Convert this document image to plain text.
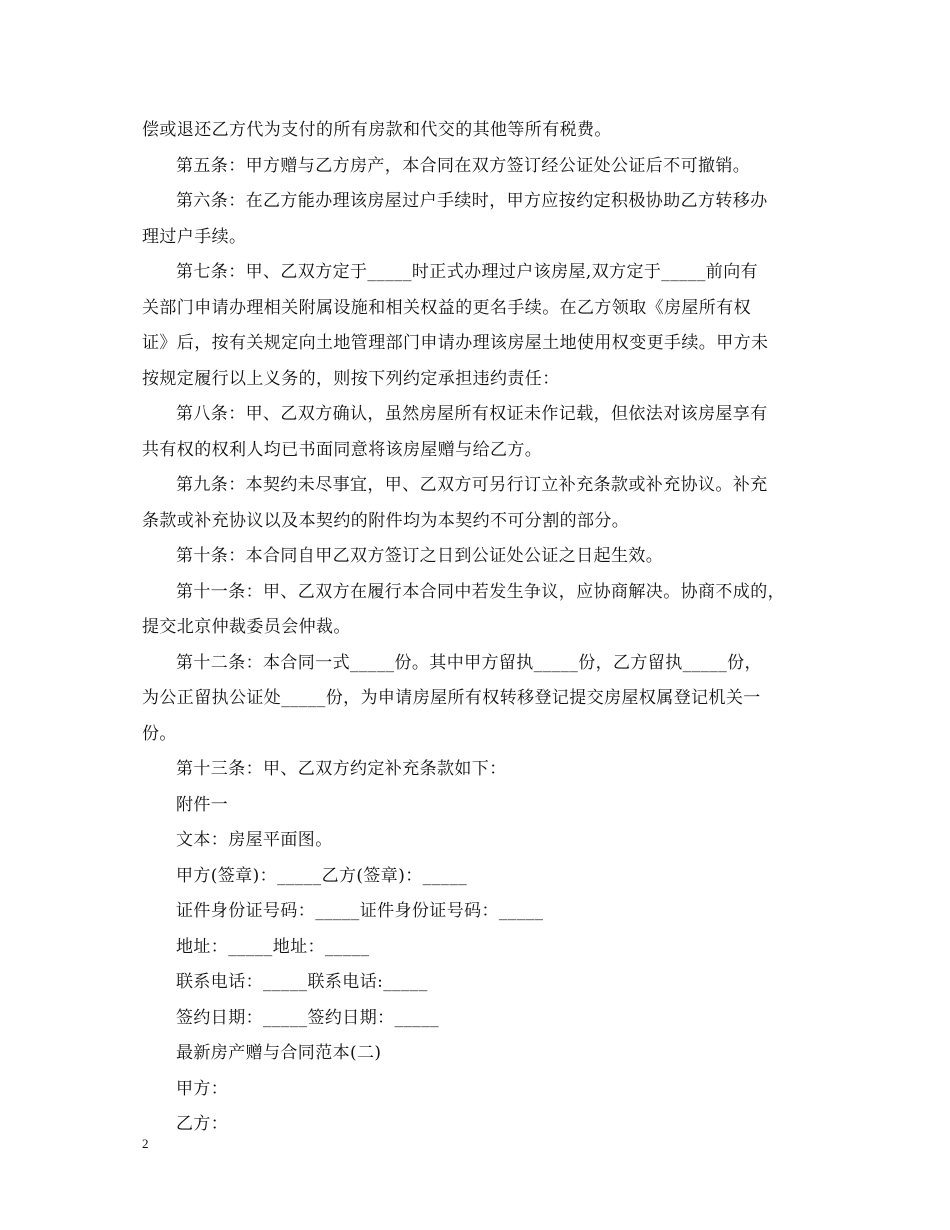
偿或退还乙方代为支付的所有房款和代交的其他等所有税费。
第五条：甲方赠与乙方房产，本合同在双方签订经公证处公证后不可撤销。
第六条：在乙方能办理该房屋过户手续时，甲方应按约定积极协助乙方转移办
理过户手续。
第七条：甲、乙双方定于_____时正式办理过户该房屋,双方定于_____前向有
关部门申请办理相关附属设施和相关权益的更名手续。在乙方领取《房屋所有权
证》后，按有关规定向土地管理部门申请办理该房屋土地使用权变更手续。甲方未
按规定履行以上义务的，则按下列约定承担违约责任：
第八条：甲、乙双方确认，虽然房屋所有权证未作记载，但依法对该房屋享有
共有权的权利人均已书面同意将该房屋赠与给乙方。
第九条：本契约未尽事宜，甲、乙双方可另行订立补充条款或补充协议。补充
条款或补充协议以及本契约的附件均为本契约不可分割的部分。
第十条：本合同自甲乙双方签订之日到公证处公证之日起生效。
第十一条：甲、乙双方在履行本合同中若发生争议，应协商解决。协商不成的，
提交北京仲裁委员会仲裁。
第十二条：本合同一式_____份。其中甲方留执_____份，乙方留执_____份，
为公正留执公证处_____份，为申请房屋所有权转移登记提交房屋权属登记机关一
份。
第十三条：甲、乙双方约定补充条款如下：
附件一
文本：房屋平面图。
甲方(签章)：_____乙方(签章)：_____
证件身份证号码：_____证件身份证号码：_____
地址：_____地址：_____
联系电话：_____联系电话:_____
签约日期：_____签约日期：_____
最新房产赠与合同范本(二)
甲方：
乙方：
2
